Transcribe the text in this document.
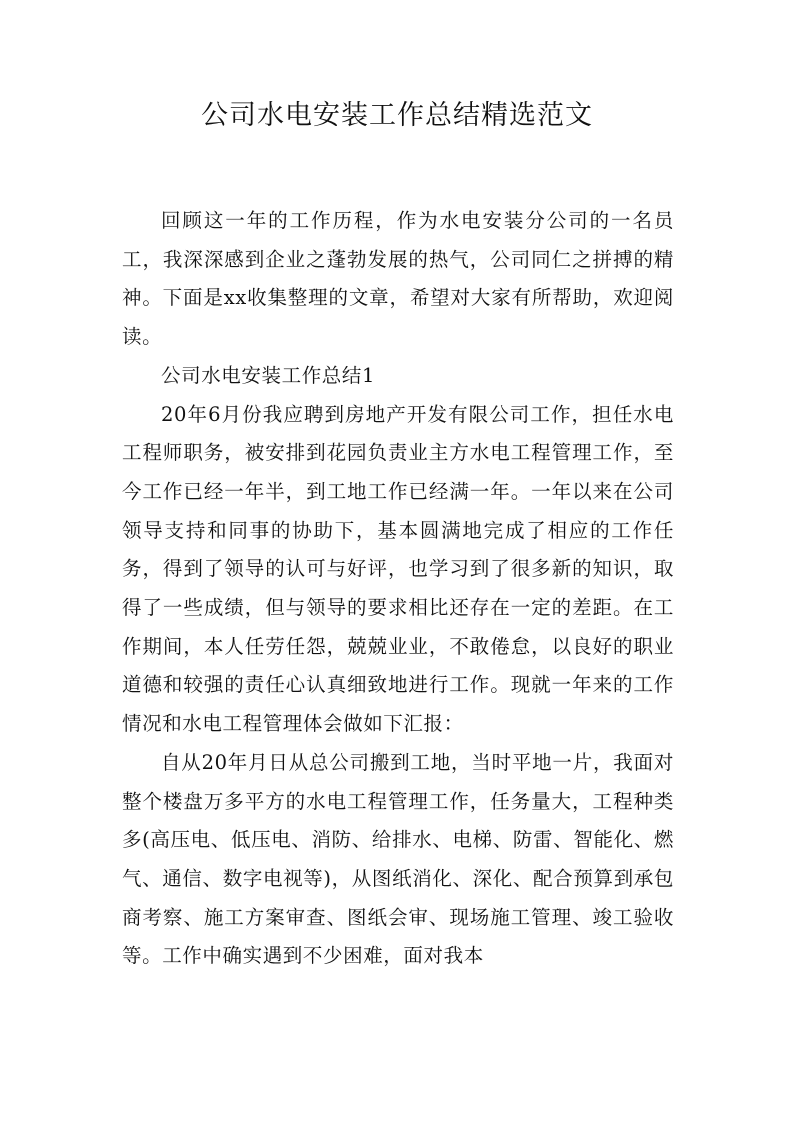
公司水电安装工作总结精选范文

回顾这一年的工作历程，作为水电安装分公司的一名员工，我深深感到企业之蓬勃发展的热气，公司同仁之拼搏的精神。下面是xx收集整理的文章，希望对大家有所帮助，欢迎阅读。

公司水电安装工作总结1

20年6月份我应聘到房地产开发有限公司工作，担任水电工程师职务，被安排到花园负责业主方水电工程管理工作，至今工作已经一年半，到工地工作已经满一年。一年以来在公司领导支持和同事的协助下，基本圆满地完成了相应的工作任务，得到了领导的认可与好评，也学习到了很多新的知识，取得了一些成绩，但与领导的要求相比还存在一定的差距。在工作期间，本人任劳任怨，兢兢业业，不敢倦怠，以良好的职业道德和较强的责任心认真细致地进行工作。现就一年来的工作情况和水电工程管理体会做如下汇报：

自从20年月日从总公司搬到工地，当时平地一片，我面对整个楼盘万多平方的水电工程管理工作，任务量大，工程种类多(高压电、低压电、消防、给排水、电梯、防雷、智能化、燃气、通信、数字电视等)，从图纸消化、深化、配合预算到承包商考察、施工方案审查、图纸会审、现场施工管理、竣工验收等。工作中确实遇到不少困难，面对我本
